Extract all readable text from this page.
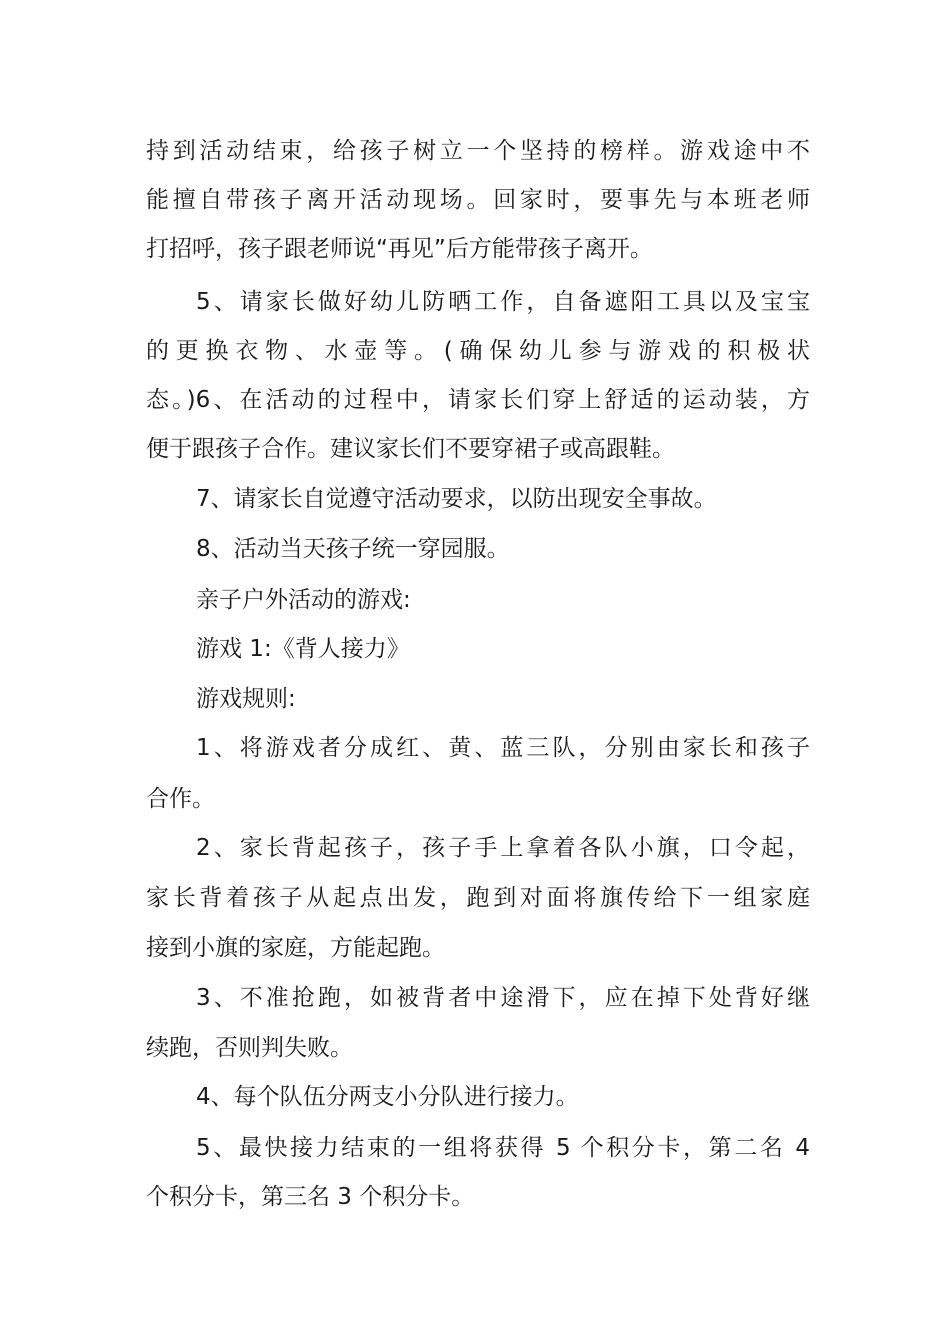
持到活动结束，给孩子树立一个坚持的榜样。游戏途中不
能擅自带孩子离开活动现场。回家时，要事先与本班老师
打招呼，孩子跟老师说“再见”后方能带孩子离开。
5、请家长做好幼儿防晒工作，自备遮阳工具以及宝宝
的更换衣物、水壶等。(确保幼儿参与游戏的积极状
态。)6、在活动的过程中，请家长们穿上舒适的运动装，方
便于跟孩子合作。建议家长们不要穿裙子或高跟鞋。
7、请家长自觉遵守活动要求，以防出现安全事故。
8、活动当天孩子统一穿园服。
亲子户外活动的游戏:
游戏 1:《背人接力》
游戏规则:
1、将游戏者分成红、黄、蓝三队，分别由家长和孩子
合作。
2、家长背起孩子，孩子手上拿着各队小旗，口令起，
家长背着孩子从起点出发，跑到对面将旗传给下一组家庭
接到小旗的家庭，方能起跑。
3、不准抢跑，如被背者中途滑下，应在掉下处背好继
续跑，否则判失败。
4、每个队伍分两支小分队进行接力。
5、最快接力结束的一组将获得 5 个积分卡，第二名 4
个积分卡，第三名 3 个积分卡。
